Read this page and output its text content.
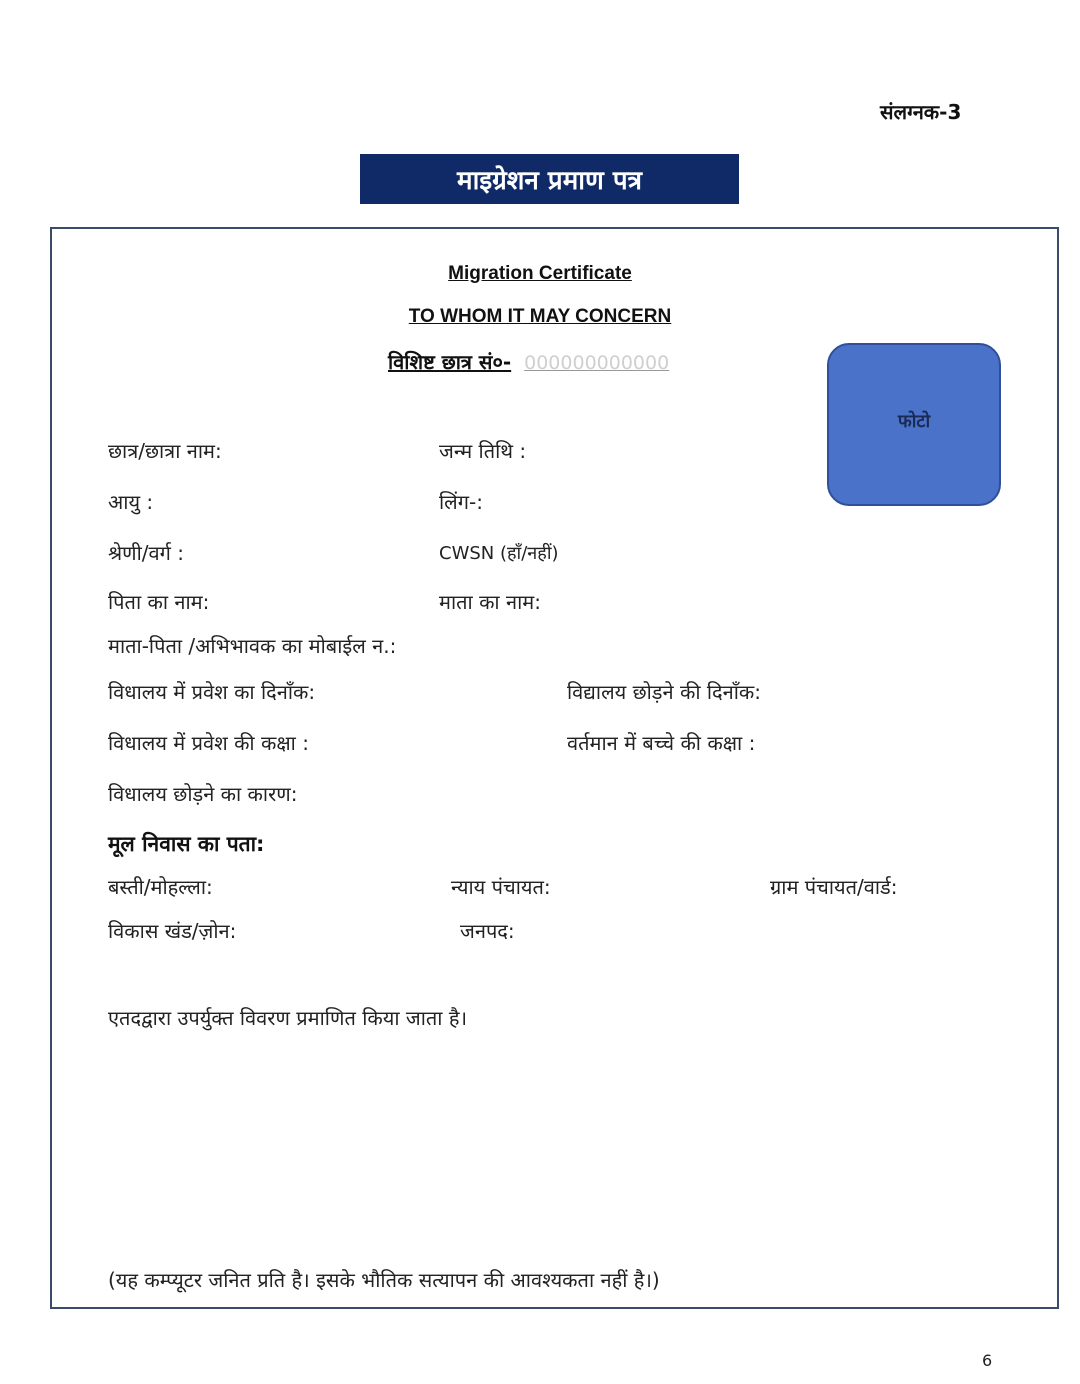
संलग्नक-3
माइग्रेशन प्रमाण पत्र
Migration Certificate
TO WHOM IT MAY CONCERN
विशिष्ट छात्र सं०- 000000000000
फोटो
छात्र/छात्रा नाम:	जन्म तिथि :
आयु :	लिंग-:
श्रेणी/वर्ग :	CWSN (हाँ/नहीं)
पिता का नाम:	माता का नाम:
माता-पिता /अभिभावक का मोबाईल न.:
विधालय में प्रवेश का दिनाँक:	विद्यालय छोड़ने की दिनाँक:
विधालय में प्रवेश की कक्षा :	वर्तमान में बच्चे की कक्षा :
विधालय छोड़ने का कारण:
मूल निवास का पता:
बस्ती/मोहल्ला:	न्याय पंचायत:	ग्राम पंचायत/वार्ड:
विकास खंड/ज़ोन:	जनपद:
एतदद्वारा उपर्युक्त विवरण प्रमाणित किया जाता है।
(यह कम्प्यूटर जनित प्रति है। इसके भौतिक सत्यापन की आवश्यकता नहीं है।)
6
